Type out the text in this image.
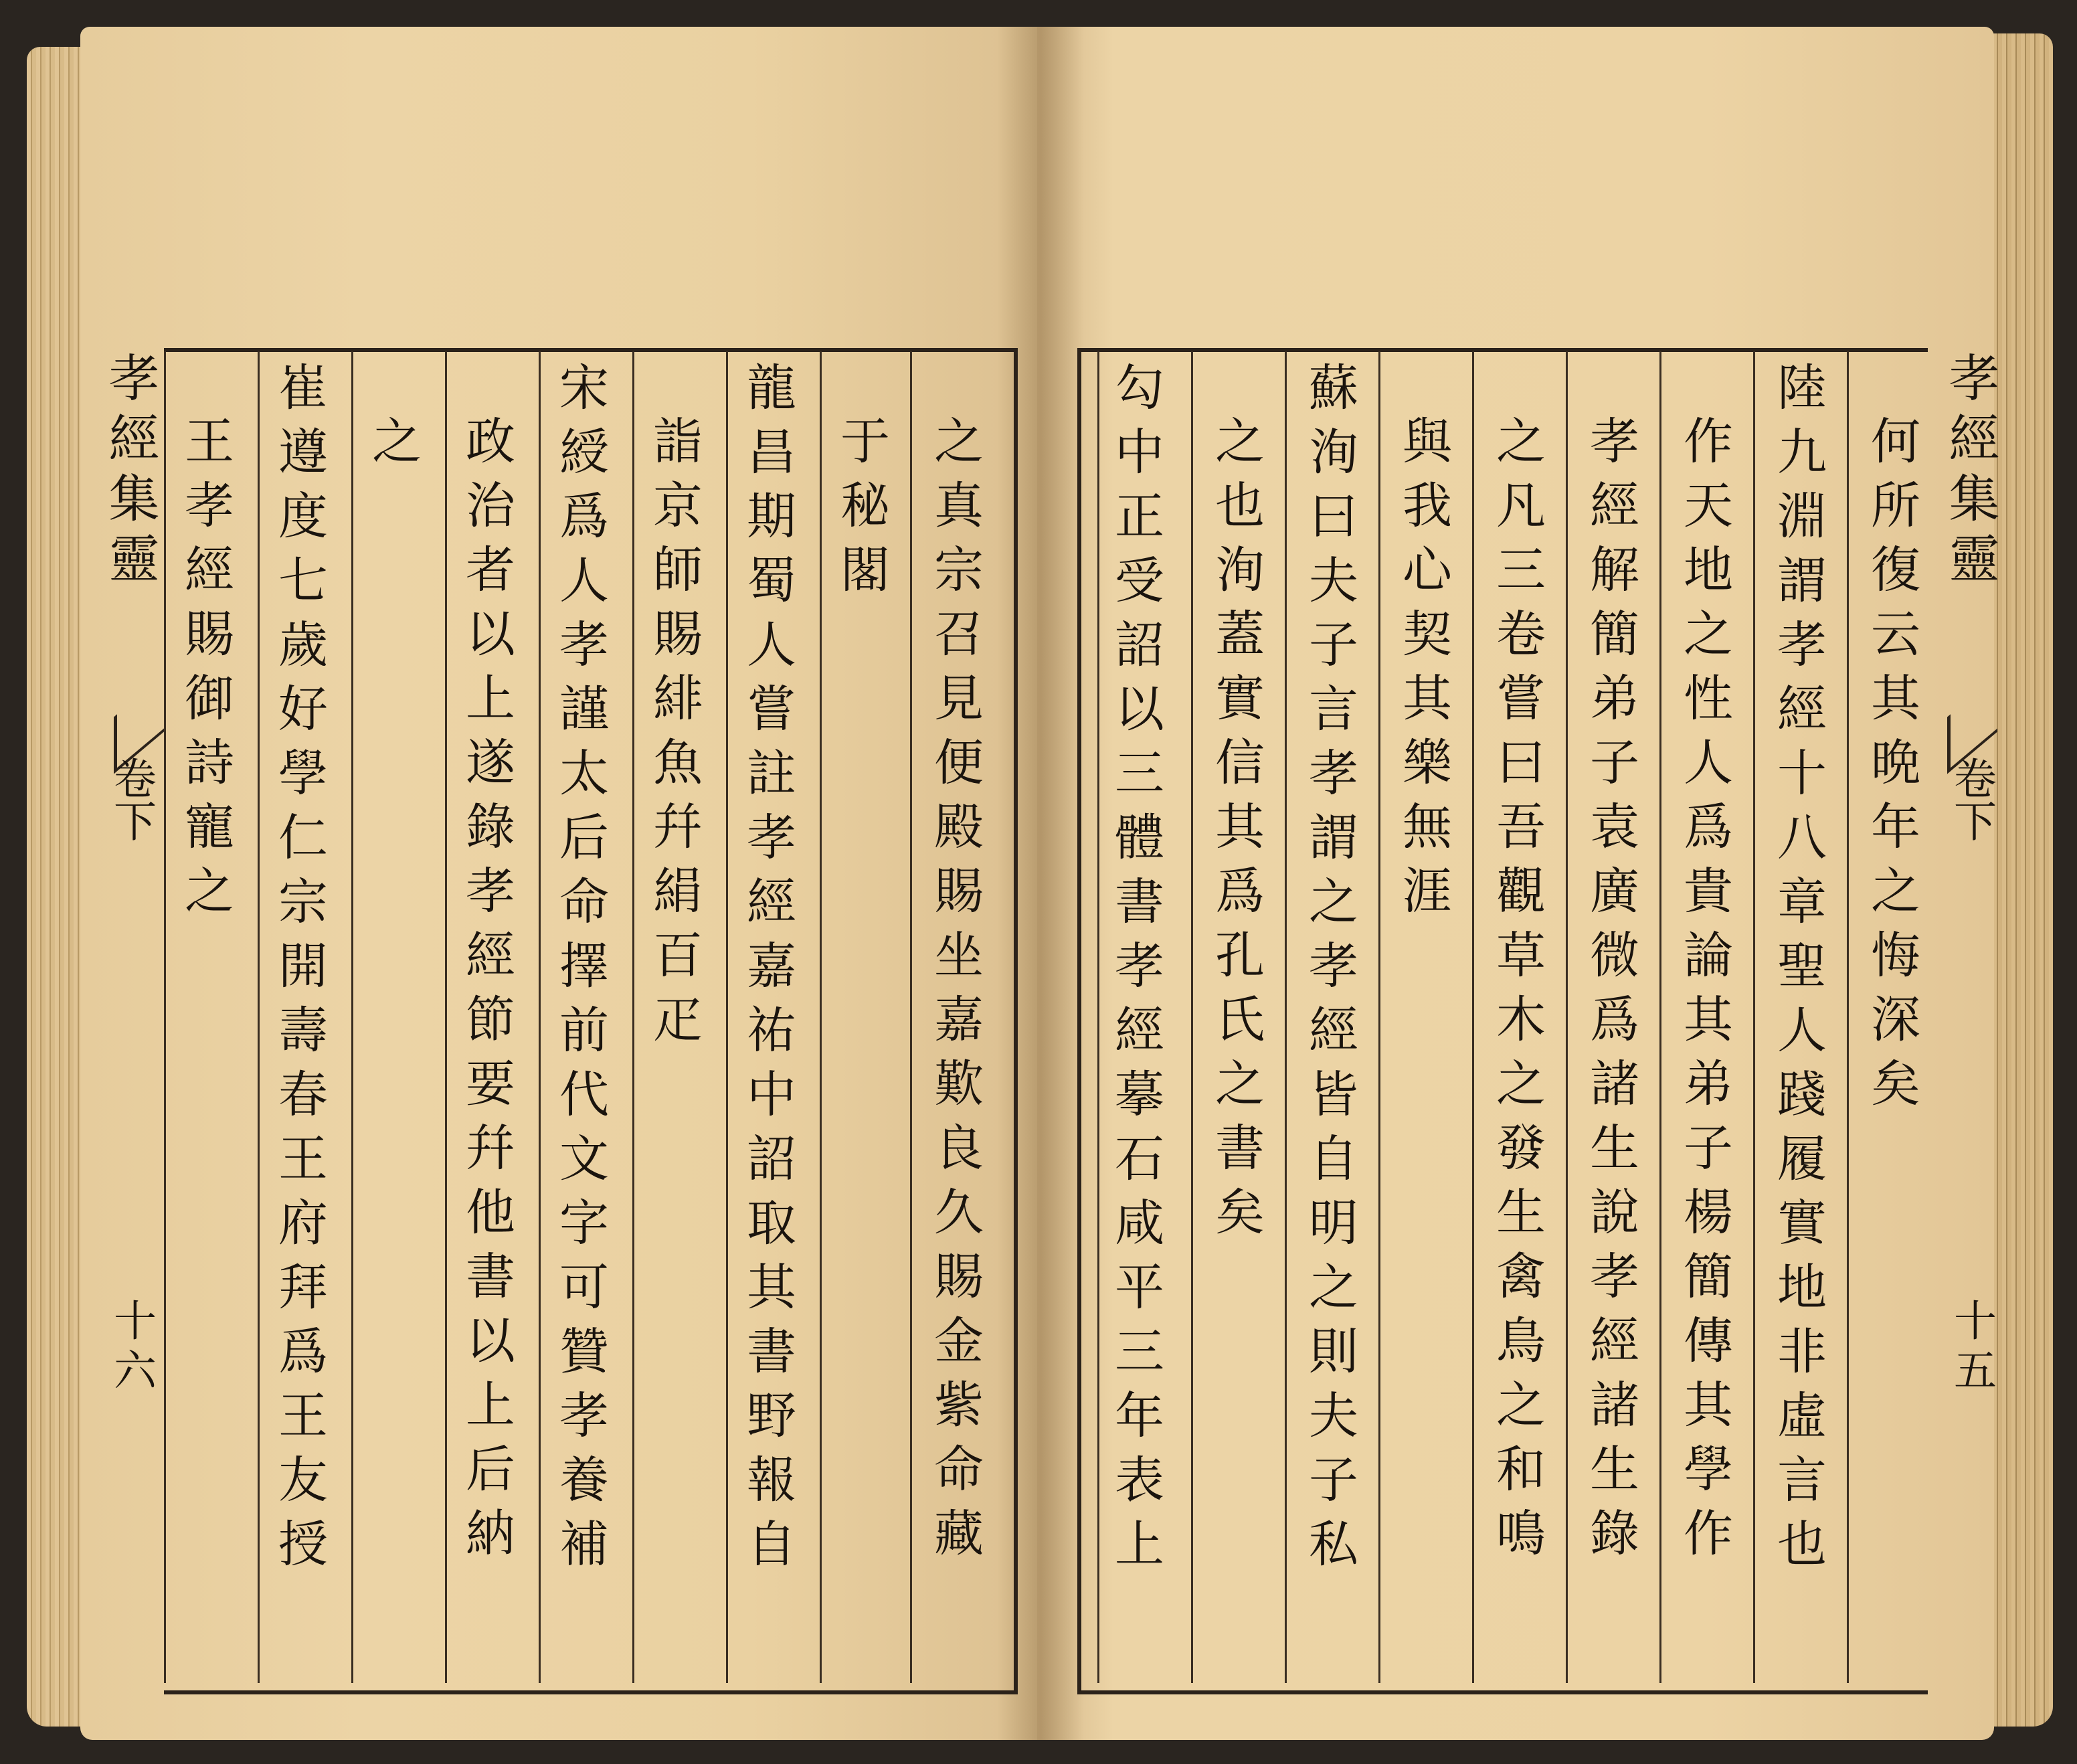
何所復云其晩年之悔深矣
陸九淵謂孝經十八章聖人踐履實地非虛言也
作天地之性人爲貴論其弟子楊簡傳其學作
孝經解簡弟子袁廣微爲諸生說孝經諸生錄
之凡三卷嘗曰吾觀草木之發生禽鳥之和鳴
與我心契其樂無涯
蘇洵曰夫子言孝謂之孝經皆自明之則夫子私
之也洵蓋實信其爲孔氏之書矣
勾中正受詔以三體書孝經摹石咸平三年表上
之真宗召見便殿賜坐嘉歎良久賜金紫命藏
于秘閣
龍昌期蜀人嘗註孝經嘉祐中詔取其書野報自
詣京師賜緋魚幷絹百疋
宋綬爲人孝謹太后命擇前代文字可贊孝養補
政治者以上遂錄孝經節要幷他書以上后納
之
崔遵度七歲好學仁宗開壽春王府拜爲王友授
王孝經賜御詩寵之
孝經集靈
卷下
十六
孝經集靈
卷下
十五
